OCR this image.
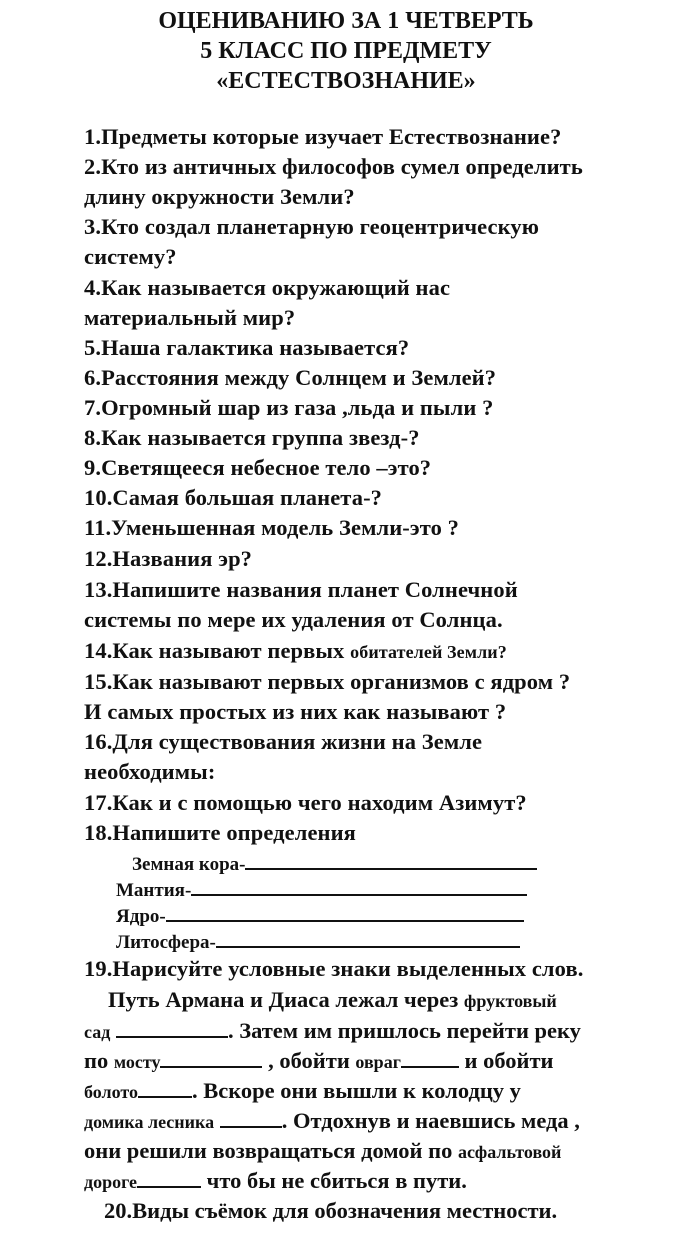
ОЦЕНИВАНИЮ ЗА 1 ЧЕТВЕРТЬ
5 КЛАСС ПО ПРЕДМЕТУ
«ЕСТЕСТВОЗНАНИЕ»
1.Предметы которые изучает Естествознание?
2.Кто из античных философов сумел определить
длину окружности Земли?
3.Кто создал планетарную геоцентрическую
систему?
4.Как называется окружающий нас
материальный мир?
5.Наша галактика называется?
6.Расстояния между Солнцем и Землей?
7.Огромный шар из газа ,льда и пыли ?
8.Как называется группа звезд-?
9.Светящееся небесное тело –это?
10.Самая большая планета-?
11.Уменьшенная модель Земли-это ?
12.Названия эр?
13.Напишите названия планет Солнечной
системы по мере их удаления от Солнца.
14.Как называют первых обитателей Земли?
15.Как называют первых организмов с ядром ?
И самых простых из них как называют ?
16.Для существования жизни на Земле
необходимы:
17.Как и с помощью чего находим Азимут?
18.Напишите определения
Земная кора-
Мантия-
Ядро-
Литосфера-
19.Нарисуйте условные знаки выделенных слов.
Путь Армана и Диаса лежал через фруктовый
сад	. Затем им пришлось перейти реку
по мосту	, обойти овраг	и обойти
болото . Вскоре они вышли к колодцу у
домика лесника	. Отдохнув и наевшись меда ,
они решили возвращаться домой по асфальтовой
дороге	что бы не сбиться в пути.
20.Виды съёмок для обозначения местности.
